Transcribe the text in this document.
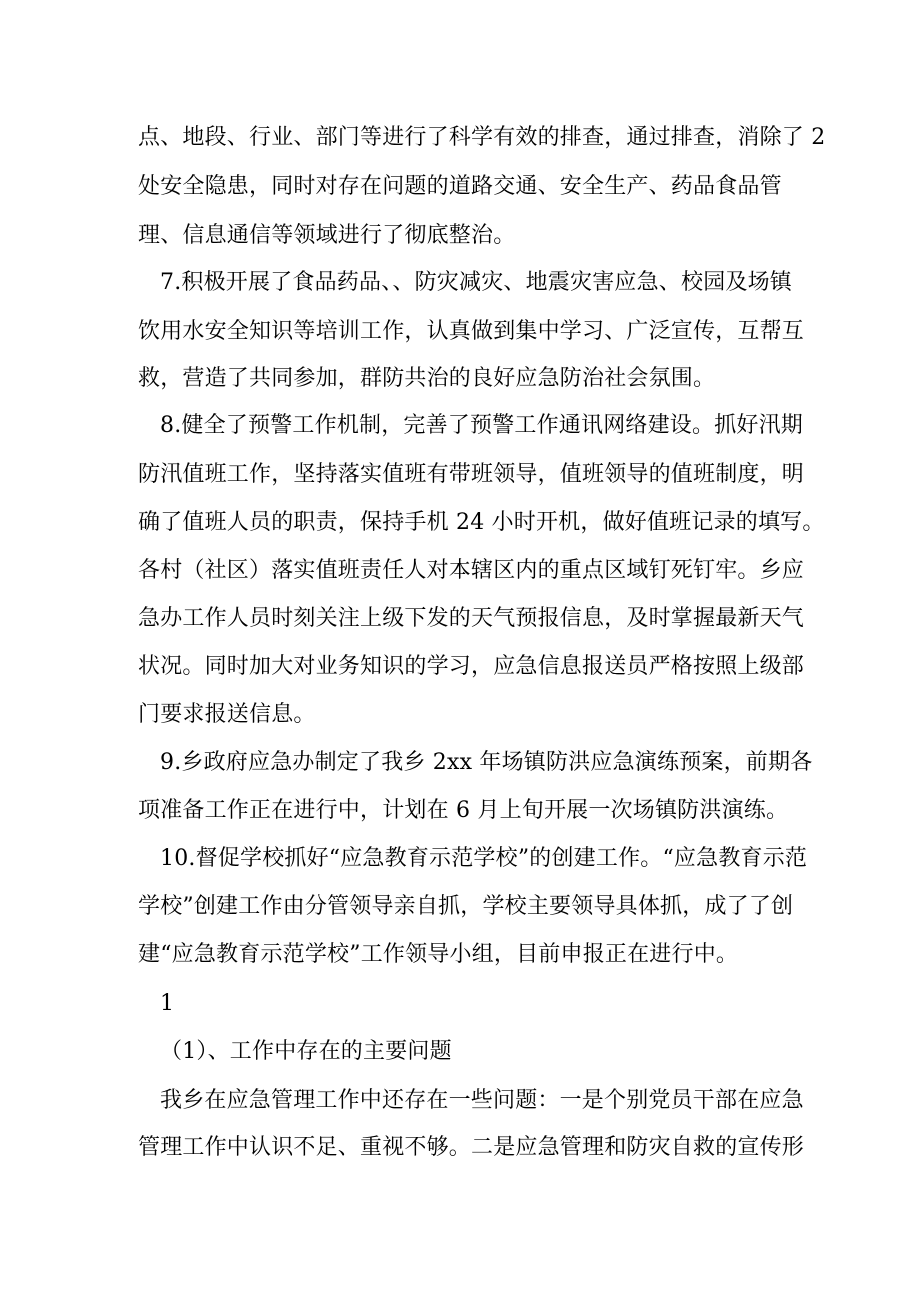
点、地段、行业、部门等进行了科学有效的排查，通过排查，消除了 2
处安全隐患，同时对存在问题的道路交通、安全生产、药品食品管
理、信息通信等领域进行了彻底整治。
7.积极开展了食品药品、、防灾减灾、地震灾害应急、校园及场镇
饮用水安全知识等培训工作，认真做到集中学习、广泛宣传，互帮互
救，营造了共同参加，群防共治的良好应急防治社会氛围。
8.健全了预警工作机制，完善了预警工作通讯网络建设。抓好汛期
防汛值班工作，坚持落实值班有带班领导，值班领导的值班制度，明
确了值班人员的职责，保持手机 24 小时开机，做好值班记录的填写。
各村（社区）落实值班责任人对本辖区内的重点区域钉死钉牢。乡应
急办工作人员时刻关注上级下发的天气预报信息，及时掌握最新天气
状况。同时加大对业务知识的学习，应急信息报送员严格按照上级部
门要求报送信息。
9.乡政府应急办制定了我乡 2xx 年场镇防洪应急演练预案，前期各
项准备工作正在进行中，计划在 6 月上旬开展一次场镇防洪演练。
10.督促学校抓好“应急教育示范学校”的创建工作。“应急教育示范
学校”创建工作由分管领导亲自抓，学校主要领导具体抓，成了了创
建“应急教育示范学校”工作领导小组，目前申报正在进行中。
1
（1）、工作中存在的主要问题
我乡在应急管理工作中还存在一些问题：一是个别党员干部在应急
管理工作中认识不足、重视不够。二是应急管理和防灾自救的宣传形
